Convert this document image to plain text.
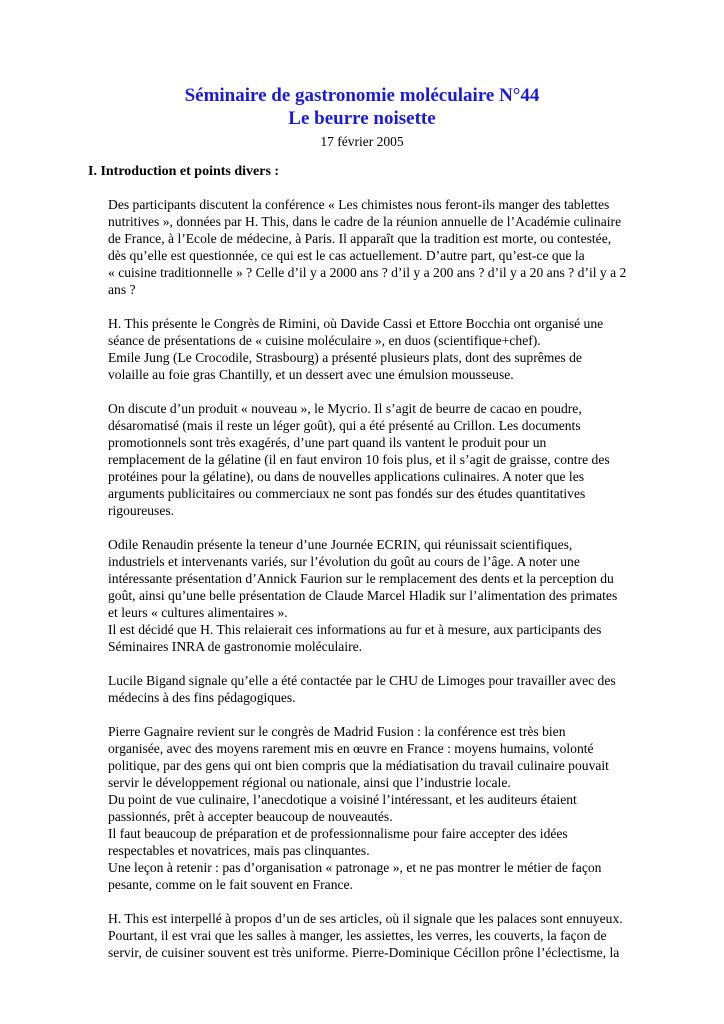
Séminaire de gastronomie moléculaire N°44
Le beurre noisette
17 février 2005
I. Introduction et points divers :
Des participants discutent la conférence « Les chimistes nous feront-ils manger des tablettes
nutritives », données par H. This, dans le cadre de la réunion annuelle de l’Académie culinaire
de France, à l’Ecole de médecine, à Paris. Il apparaît que la tradition est morte, ou contestée,
dès qu’elle est questionnée, ce qui est le cas actuellement. D’autre part, qu’est-ce que la
« cuisine traditionnelle » ? Celle d’il y a 2000 ans ? d’il y a 200 ans ? d’il y a 20 ans ? d’il y a 2
ans ?
H. This présente le Congrès de Rimini, où Davide Cassi et Ettore Bocchia ont organisé une
séance de présentations de « cuisine moléculaire », en duos (scientifique+chef).
Emile Jung (Le Crocodile, Strasbourg) a présenté plusieurs plats, dont des suprêmes de
volaille au foie gras Chantilly, et un dessert avec une émulsion mousseuse.
On discute d’un produit « nouveau », le Mycrio. Il s’agit de beurre de cacao en poudre,
désaromatisé (mais il reste un léger goût), qui a été présenté au Crillon. Les documents
promotionnels sont très exagérés, d’une part quand ils vantent le produit pour un
remplacement de la gélatine (il en faut environ 10 fois plus, et il s’agit de graisse, contre des
protéines pour la gélatine), ou dans de nouvelles applications culinaires. A noter que les
arguments publicitaires ou commerciaux ne sont pas fondés sur des études quantitatives
rigoureuses.
Odile Renaudin présente la teneur d’une Journée ECRIN, qui réunissait scientifiques,
industriels et intervenants variés, sur l’évolution du goût au cours de l’âge. A noter une
intéressante présentation d’Annick Faurion sur le remplacement des dents et la perception du
goût, ainsi qu’une belle présentation de Claude Marcel Hladik sur l’alimentation des primates
et leurs « cultures alimentaires ».
Il est décidé que H. This relaierait ces informations au fur et à mesure, aux participants des
Séminaires INRA de gastronomie moléculaire.
Lucile Bigand signale qu’elle a été contactée par le CHU de Limoges pour travailler avec des
médecins à des fins pédagogiques.
Pierre Gagnaire revient sur le congrès de Madrid Fusion : la conférence est très bien
organisée, avec des moyens rarement mis en œuvre en France : moyens humains, volonté
politique, par des gens qui ont bien compris que la médiatisation du travail culinaire pouvait
servir le développement régional ou nationale, ainsi que l’industrie locale.
Du point de vue culinaire, l’anecdotique a voisiné l’intéressant, et les auditeurs étaient
passionnés, prêt à accepter beaucoup de nouveautés.
Il faut beaucoup de préparation et de professionnalisme pour faire accepter des idées
respectables et novatrices, mais pas clinquantes.
Une leçon à retenir : pas d’organisation « patronage », et ne pas montrer le métier de façon
pesante, comme on le fait souvent en France.
H. This est interpellé à propos d’un de ses articles, où il signale que les palaces sont ennuyeux.
Pourtant, il est vrai que les salles à manger, les assiettes, les verres, les couverts, la façon de
servir, de cuisiner souvent est très uniforme. Pierre-Dominique Cécillon prône l’éclectisme, la
